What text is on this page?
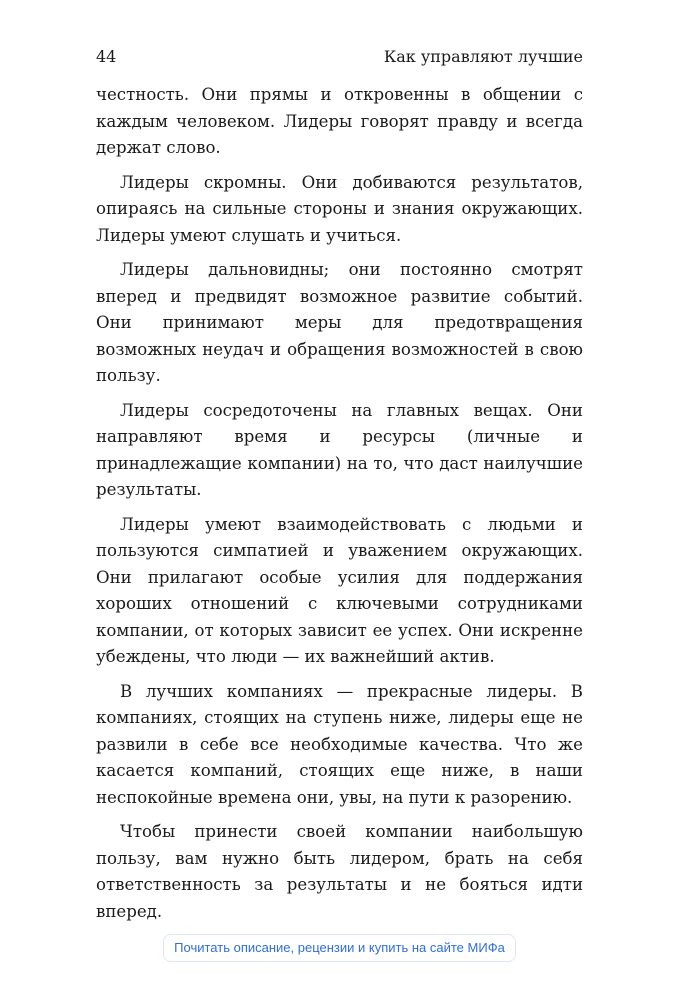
44	Как управляют лучшие

честность. Они прямы и откровенны в общении с каждым человеком. Лидеры говорят правду и всегда держат слово.

Лидеры скромны. Они добиваются результатов, опираясь на сильные стороны и знания окружающих. Лидеры умеют слушать и учиться.

Лидеры дальновидны; они постоянно смотрят вперед и предвидят возможное развитие событий. Они принимают меры для предотвращения возможных неудач и обращения возможностей в свою пользу.

Лидеры сосредоточены на главных вещах. Они направляют время и ресурсы (личные и принадлежащие компании) на то, что даст наилучшие результаты.

Лидеры умеют взаимодействовать с людьми и пользуются симпатией и уважением окружающих. Они прилагают особые усилия для поддержания хороших отношений с ключевыми сотрудниками компании, от которых зависит ее успех. Они искренне убеждены, что люди — их важнейший актив.

В лучших компаниях — прекрасные лидеры. В компаниях, стоящих на ступень ниже, лидеры еще не развили в себе все необходимые качества. Что же касается компаний, стоящих еще ниже, в наши неспокойные времена они, увы, на пути к разорению.

Чтобы принести своей компании наибольшую пользу, вам нужно быть лидером, брать на себя ответственность за результаты и не бояться идти вперед.

Почитать описание, рецензии и купить на сайте МИФа
